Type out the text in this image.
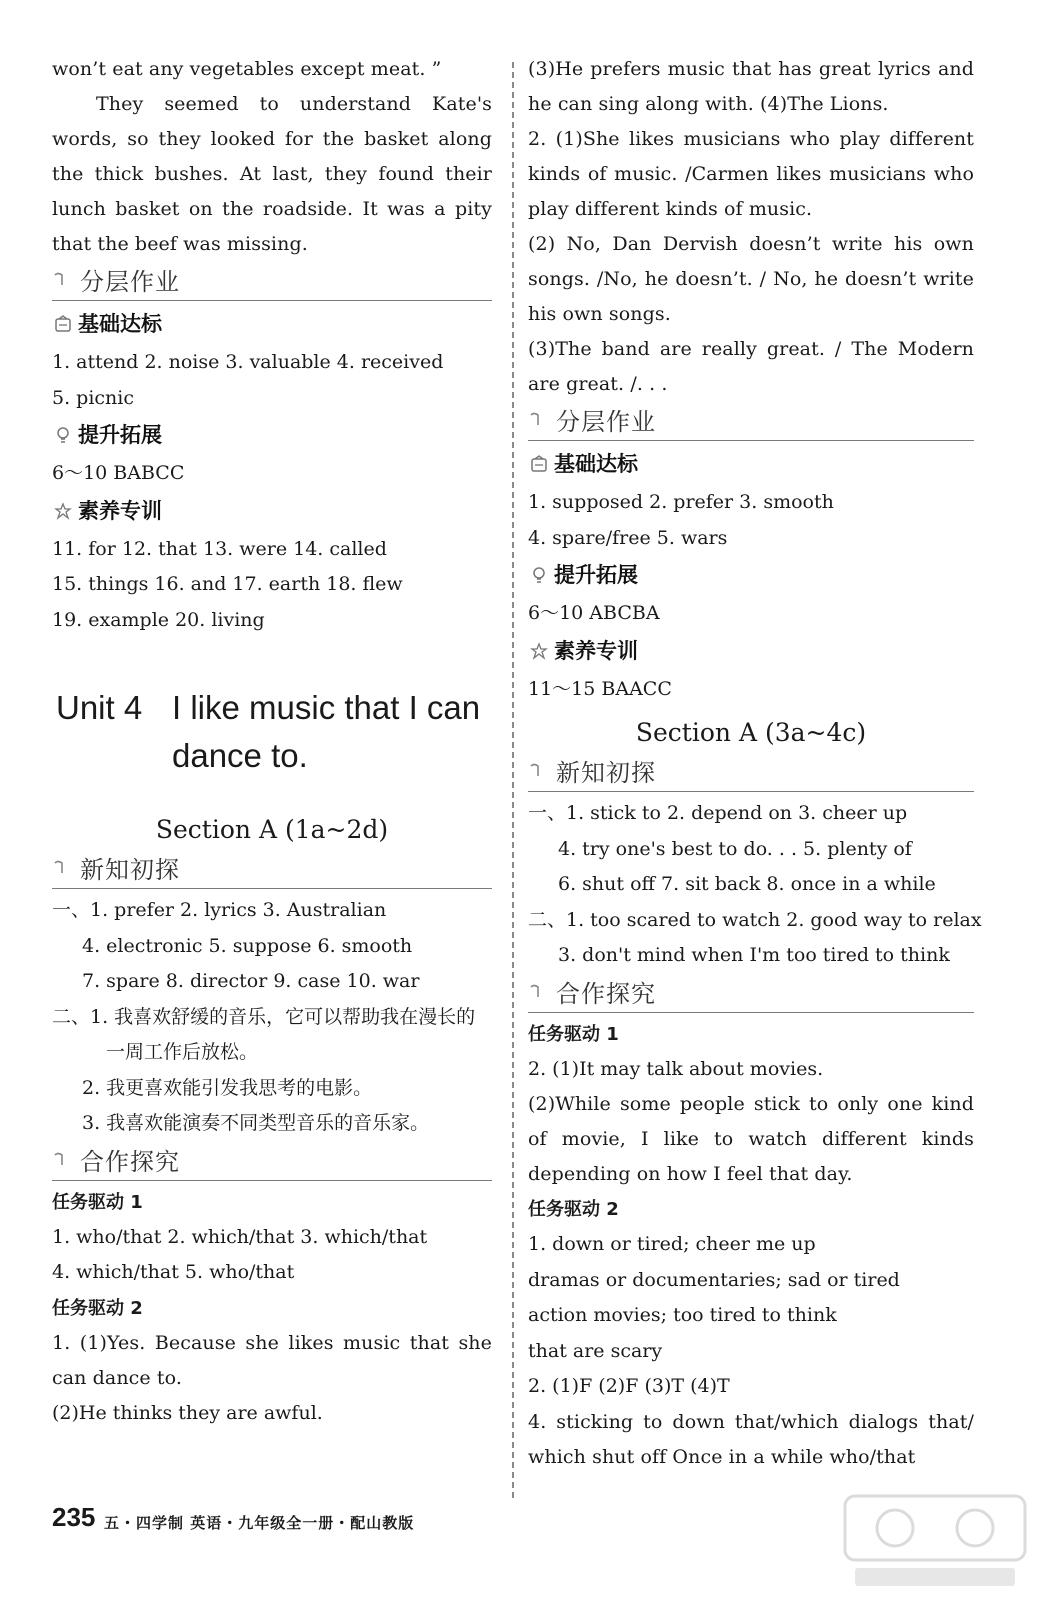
won’t eat any vegetables except meat. ”

They seemed to understand Kate's words, so they looked for the basket along the thick bushes. At last, they found their lunch basket on the roadside. It was a pity that the beef was missing.

分层作业
基础达标

1. attend 2. noise 3. valuable 4. received

5. picnic

提升拓展

6～10 BABCC

素养专训

11. for 12. that 13. were 14. called

15. things 16. and 17. earth 18. flew

19. example 20. living

Unit 4 I like music that I can dance to.
Section A (1a~2d)
新知初探

一、1. prefer 2. lyrics 3. Australian

4. electronic 5. suppose 6. smooth

7. spare 8. director 9. case 10. war

二、1. 我喜欢舒缓的音乐，它可以帮助我在漫长的一周工作后放松。

2. 我更喜欢能引发我思考的电影。

3. 我喜欢能演奏不同类型音乐的音乐家。

合作探究

任务驱动 1

1. who/that 2. which/that 3. which/that

4. which/that 5. who/that

任务驱动 2

1. (1)Yes. Because she likes music that she can dance to.

(2)He thinks they are awful.

(3)He prefers music that has great lyrics and he can sing along with. (4)The Lions.

2. (1)She likes musicians who play different kinds of music. /Carmen likes musicians who play different kinds of music.

(2) No, Dan Dervish doesn’t write his own songs. /No, he doesn’t. / No, he doesn’t write his own songs.

(3)The band are really great. / The Modern are great. /. . .

分层作业
基础达标

1. supposed 2. prefer 3. smooth

4. spare/free 5. wars

提升拓展

6～10 ABCBA

素养专训

11～15 BAACC

Section A (3a~4c)
新知初探

一、1. stick to 2. depend on 3. cheer up

4. try one's best to do. . . 5. plenty of

6. shut off 7. sit back 8. once in a while

二、1. too scared to watch 2. good way to relax

3. don't mind when I'm too tired to think

合作探究

任务驱动 1

2. (1)It may talk about movies.

(2)While some people stick to only one kind of movie, I like to watch different kinds depending on how I feel that day.

任务驱动 2

1. down or tired; cheer me up

dramas or documentaries; sad or tired

action movies; too tired to think

that are scary

2. (1)F (2)F (3)T (4)T

4. sticking to down that/which dialogs that/ which shut off Once in a while who/that

235 五・四学制 英语・九年级全一册・配山教版
